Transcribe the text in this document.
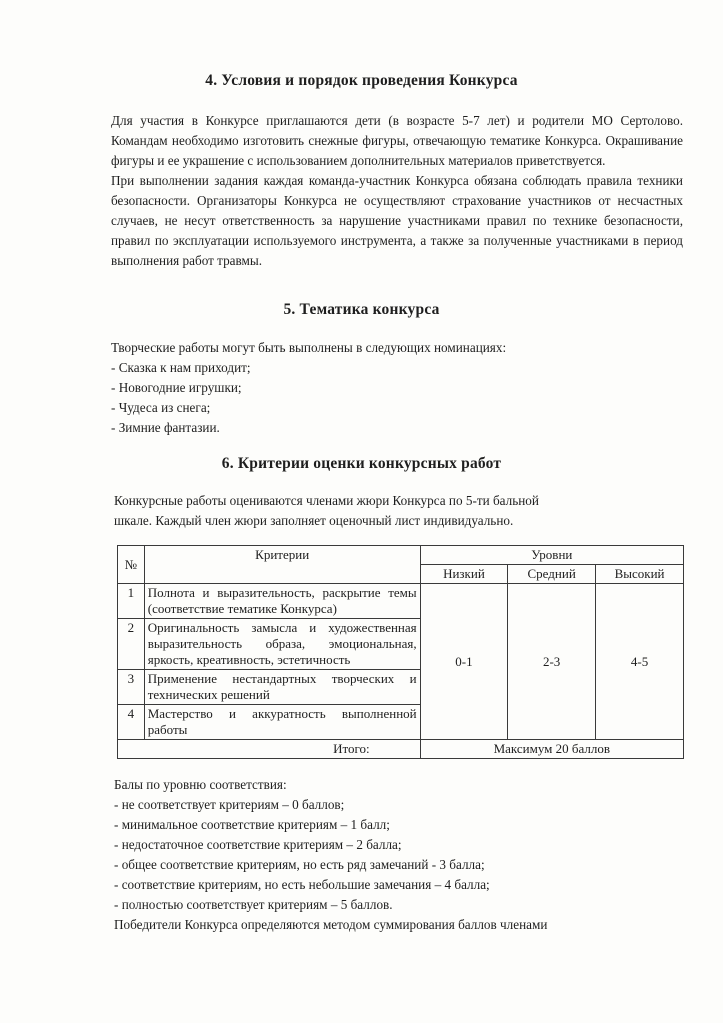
4. Условия и порядок проведения Конкурса

Для участия в Конкурсе приглашаются дети (в возрасте 5-7 лет) и родители МО Сертолово. Командам необходимо изготовить снежные фигуры, отвечающую тематике Конкурса. Окрашивание фигуры и ее украшение с использованием дополнительных материалов приветствуется.

При выполнении задания каждая команда-участник Конкурса обязана соблюдать правила техники безопасности. Организаторы Конкурса не осуществляют страхование участников от несчастных случаев, не несут ответственность за нарушение участниками правил по технике безопасности, правил по эксплуатации используемого инструмента, а также за полученные участниками в период выполнения работ травмы.

5. Тематика конкурса
Творческие работы могут быть выполнены в следующих номинациях:
- Сказка к нам приходит;
- Новогодние игрушки;
- Чудеса из снега;
- Зимние фантазии.
6. Критерии оценки конкурсных работ
Конкурсные работы оцениваются членами жюри Конкурса по 5-ти бальной
шкале. Каждый член жюри заполняет оценочный лист индивидуально.
№	Критерии	Уровни		
		Низкий	Средний	Высокий
1	Полнота и выразительность, раскрытие темы (соответствие тематике Конкурса)	0-1	2-3	4-5
2	Оригинальность замысла и художественная выразительность образа, эмоциональная, яркость, креативность, эстетичность			
3	Применение нестандартных творческих и технических решений			
4	Мастерство и аккуратность выполненной работы			
Итого:		Максимум 20 баллов		
Балы по уровню соответствия:
- не соответствует критериям – 0 баллов;
- минимальное соответствие критериям – 1 балл;
- недостаточное соответствие критериям – 2 балла;
- общее соответствие критериям, но есть ряд замечаний - 3 балла;
- соответствие критериям, но есть небольшие замечания – 4 балла;
- полностью соответствует критериям – 5 баллов.
Победители Конкурса определяются методом суммирования баллов членами
